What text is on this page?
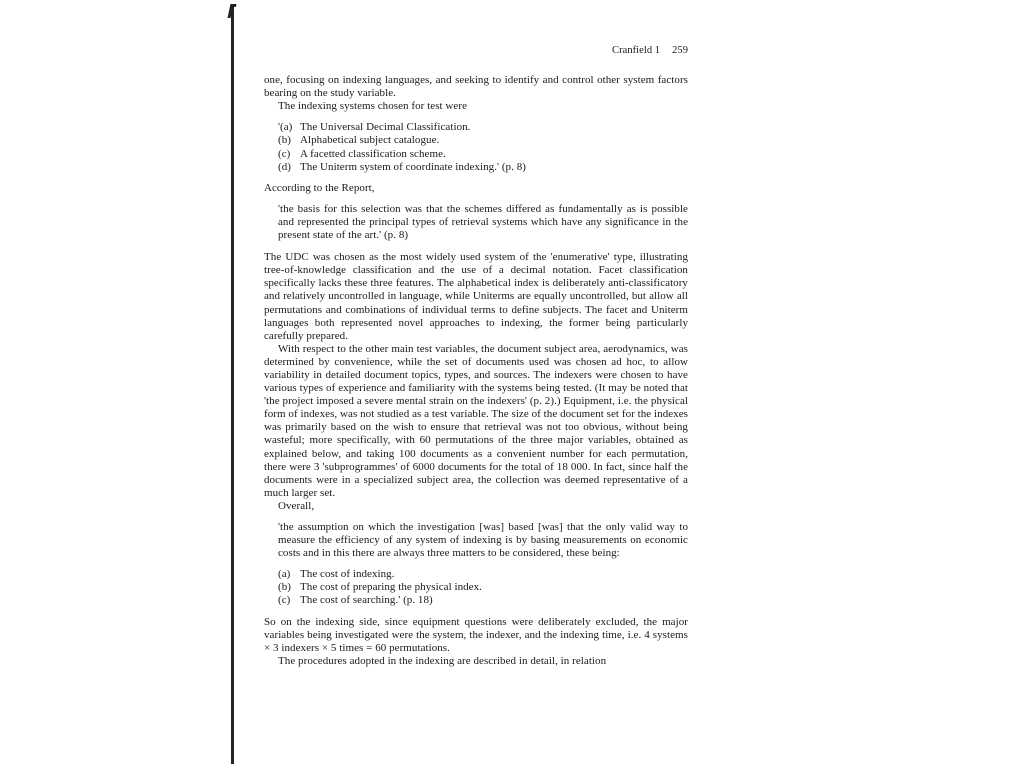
Cranfield 1 259

one, focusing on indexing languages, and seeking to identify and control other system factors bearing on the study variable.

The indexing systems chosen for test were

'(a) The Universal Decimal Classification.
(b) Alphabetical subject catalogue.
(c) A facetted classification scheme.
(d) The Uniterm system of coordinate indexing.' (p. 8)

According to the Report,

'the basis for this selection was that the schemes differed as fundamentally as is possible and represented the principal types of retrieval systems which have any significance in the present state of the art.' (p. 8)

The UDC was chosen as the most widely used system of the 'enumerative' type, illustrating tree-of-knowledge classification and the use of a decimal notation. Facet classification specifically lacks these three features. The alphabetical index is deliberately anti-classificatory and relatively uncontrolled in language, while Uniterms are equally uncontrolled, but allow all permutations and combinations of individual terms to define subjects. The facet and Uniterm languages both represented novel approaches to indexing, the former being particularly carefully prepared.

With respect to the other main test variables, the document subject area, aerodynamics, was determined by convenience, while the set of documents used was chosen ad hoc, to allow variability in detailed document topics, types, and sources. The indexers were chosen to have various types of experience and familiarity with the systems being tested. (It may be noted that 'the project imposed a severe mental strain on the indexers' (p. 2).) Equipment, i.e. the physical form of indexes, was not studied as a test variable. The size of the document set for the indexes was primarily based on the wish to ensure that retrieval was not too obvious, without being wasteful; more specifically, with 60 permutations of the three major variables, obtained as explained below, and taking 100 documents as a convenient number for each permutation, there were 3 'subprogrammes' of 6000 documents for the total of 18 000. In fact, since half the documents were in a specialized subject area, the collection was deemed representative of a much larger set.

Overall,

'the assumption on which the investigation [was] based [was] that the only valid way to measure the efficiency of any system of indexing is by basing measurements on economic costs and in this there are always three matters to be considered, these being:

(a) The cost of indexing.
(b) The cost of preparing the physical index.
(c) The cost of searching.' (p. 18)

So on the indexing side, since equipment questions were deliberately excluded, the major variables being investigated were the system, the indexer, and the indexing time, i.e. 4 systems × 3 indexers × 5 times = 60 permutations.

The procedures adopted in the indexing are described in detail, in relation
